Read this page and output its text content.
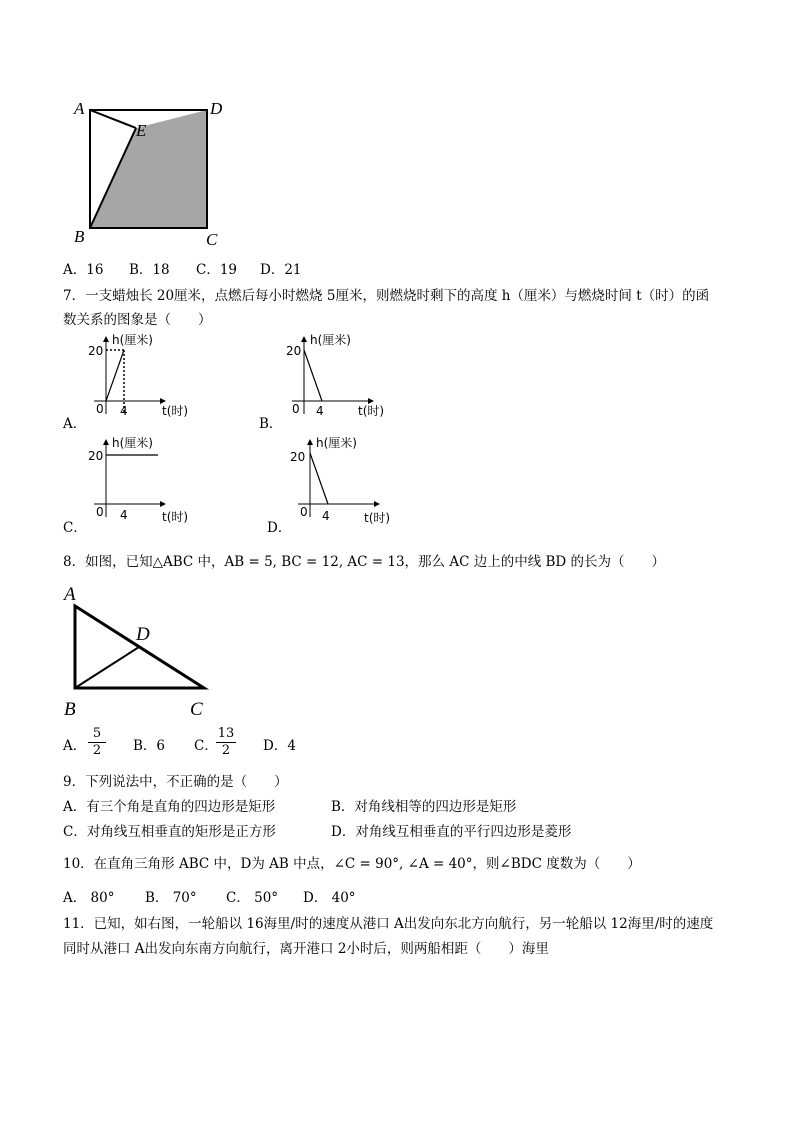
A	D
E
B	C
A．16 B．18 C．19 D．21
7．一支蜡烛长 20厘米，点燃后每小时燃烧 5厘米，则燃烧时剩下的高度 h（厘米）与燃烧时间 t（时）的函
数关系的图象是（　　）
A．
20
h(厘米)
0 4	t(时)
B．
20
h(厘米)
0 4	t(时)
C．
20
h(厘米)
0 4	t(时)
D．
20
h(厘米)
0 4	t(时)
8．如图，已知△ABC 中，AB = 5, BC = 12, AC = 13，那么 AC 边上的中线 BD 的长为（　　）
A
D
B	C
A． $\frac{5}{2}$ B．6 C．
$\frac{13}{2}$ D．4
9．下列说法中，不正确的是（　　）
A．有三个角是直角的四边形是矩形	B．对角线相等的四边形是矩形
C．对角线互相垂直的矩形是正方形	D．对角线互相垂直的平行四边形是菱形
10．在直角三角形 ABC 中，D为 AB 中点，∠C = 90°, ∠A = 40°，则∠BDC 度数为（　　）
A． 80° B． 70° C． 50° D． 40°
11．已知，如右图，一轮船以 16海里/时的速度从港口 A出发向东北方向航行，另一轮船以 12海里/时的速度
同时从港口 A出发向东南方向航行，离开港口 2小时后，则两船相距（　　）海里
